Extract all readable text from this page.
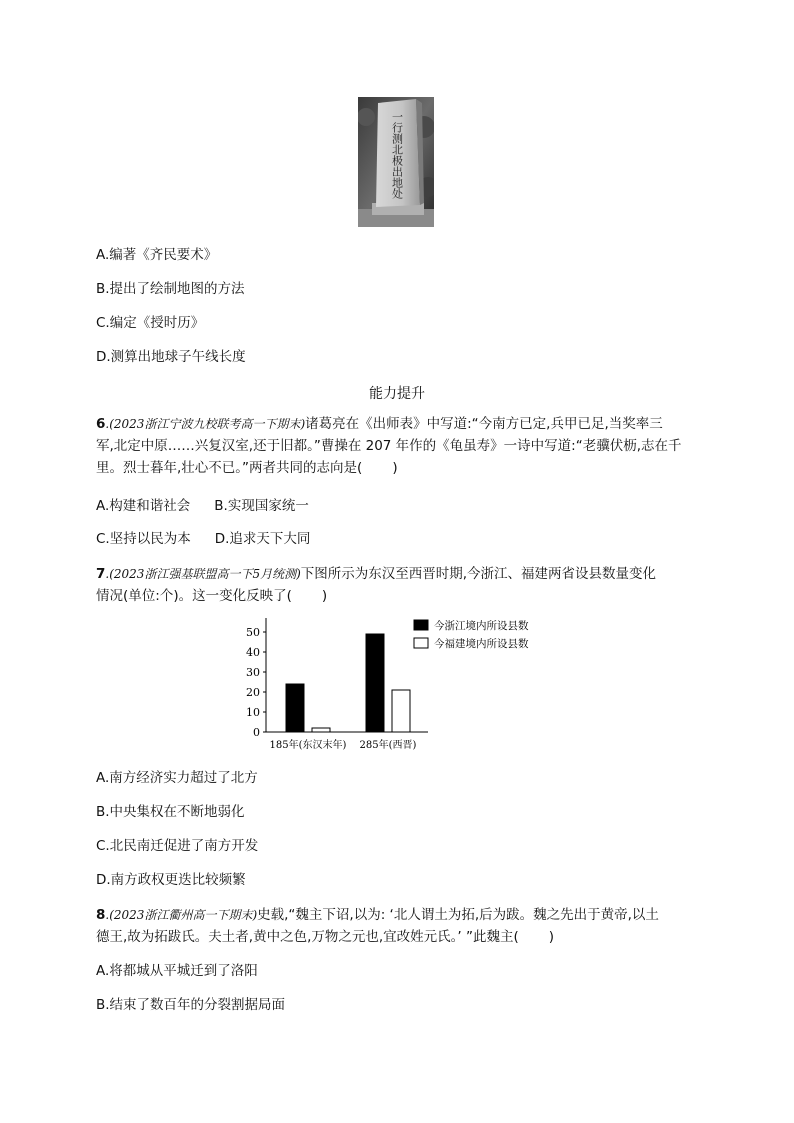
一行测北极出地处
A.编著《齐民要术》
B.提出了绘制地图的方法
C.编定《授时历》
D.测算出地球子午线长度
能力提升
6.(2023浙江宁波九校联考高一下期末)诸葛亮在《出师表》中写道:“今南方已定,兵甲已足,当奖率三
军,北定中原……兴复汉室,还于旧都。”曹操在 207 年作的《龟虽寿》一诗中写道:“老骥伏枥,志在千
里。烈士暮年,壮心不已。”两者共同的志向是( )
A.构建和谐社会 B.实现国家统一
C.坚持以民为本 D.追求天下大同
7.(2023浙江强基联盟高一下5月统测)下图所示为东汉至西晋时期,今浙江、福建两省设县数量变化
情况(单位:个)。这一变化反映了( )
0
10
20
30
40
50
185年(东汉末年) 285年(西晋)
今浙江境内所设县数
今福建境内所设县数
A.南方经济实力超过了北方
B.中央集权在不断地弱化
C.北民南迁促进了南方开发
D.南方政权更迭比较频繁
8.(2023浙江衢州高一下期末)史载,“魏主下诏,以为: ‘北人谓土为拓,后为跋。魏之先出于黄帝,以土
德王,故为拓跋氏。夫土者,黄中之色,万物之元也,宜改姓元氏。’ ”此魏主( )
A.将都城从平城迁到了洛阳
B.结束了数百年的分裂割据局面
